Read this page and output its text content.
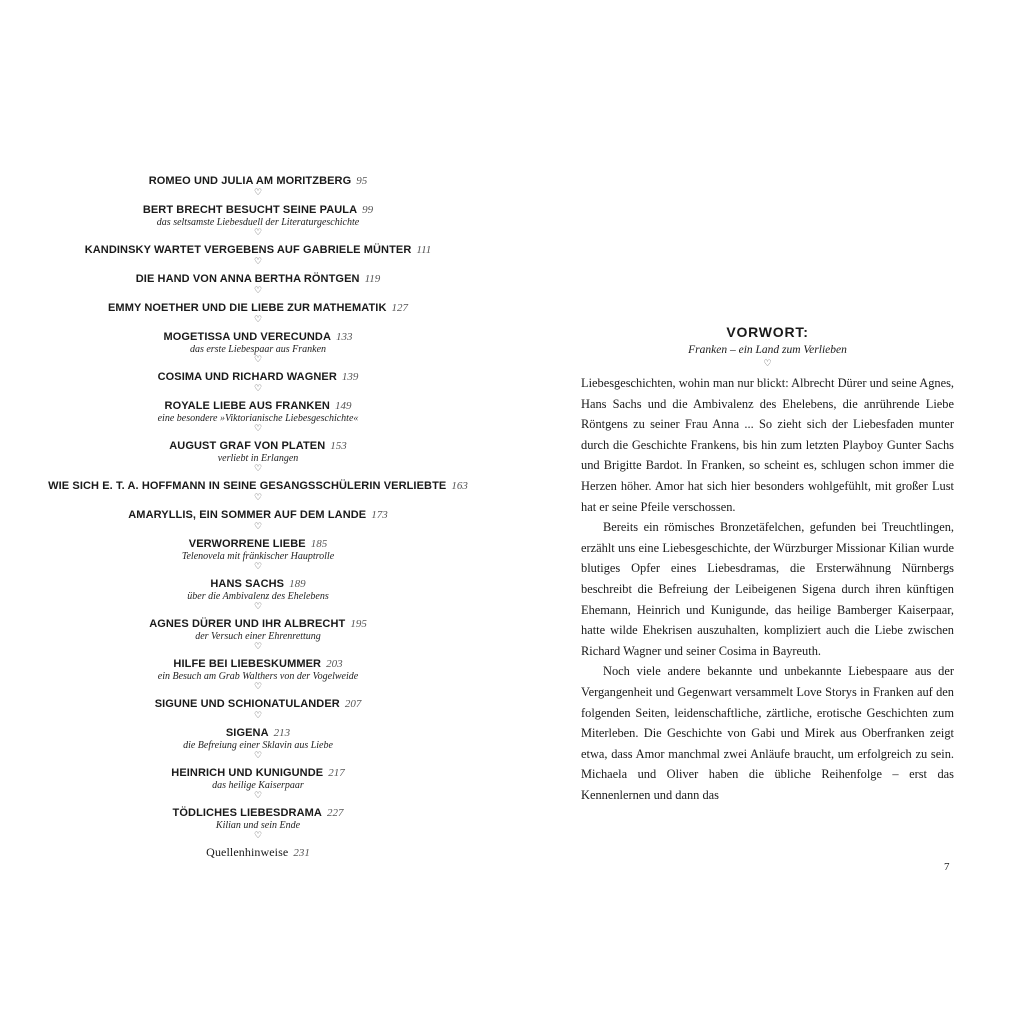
ROMEO UND JULIA AM MORITZBERG 95
♡
BERT BRECHT BESUCHT SEINE PAULA 99
das seltsamste Liebesduell der Literaturgeschichte
♡
KANDINSKY WARTET VERGEBENS AUF GABRIELE MÜNTER 111
♡
DIE HAND VON ANNA BERTHA RÖNTGEN 119
♡
EMMY NOETHER UND DIE LIEBE ZUR MATHEMATIK 127
♡
MOGETISSA UND VERECUNDA 133
das erste Liebespaar aus Franken
♡
COSIMA UND RICHARD WAGNER 139
♡
ROYALE LIEBE AUS FRANKEN 149
eine besondere »Viktorianische Liebesgeschichte«
♡
AUGUST GRAF VON PLATEN 153
verliebt in Erlangen
♡
WIE SICH E. T. A. HOFFMANN IN SEINE GESANGSSCHÜLERIN VERLIEBTE 163
♡
AMARYLLIS, EIN SOMMER AUF DEM LANDE 173
♡
VERWORRENE LIEBE 185
Telenovela mit fränkischer Hauptrolle
♡
HANS SACHS 189
über die Ambivalenz des Ehelebens
♡
AGNES DÜRER UND IHR ALBRECHT 195
der Versuch einer Ehrenrettung
♡
HILFE BEI LIEBESKUMMER 203
ein Besuch am Grab Walthers von der Vogelweide
♡
SIGUNE UND SCHIONATULANDER 207
♡
SIGENA 213
die Befreiung einer Sklavin aus Liebe
♡
HEINRICH UND KUNIGUNDE 217
das heilige Kaiserpaar
♡
TÖDLICHES LIEBESDRAMA 227
Kilian und sein Ende
♡
Quellenhinweise 231
VORWORT:
Franken – ein Land zum Verlieben
♡

Liebesgeschichten, wohin man nur blickt: Albrecht Dürer und seine Agnes, Hans Sachs und die Ambivalenz des Ehelebens, die anrührende Liebe Röntgens zu seiner Frau Anna ... So zieht sich der Liebesfaden munter durch die Geschichte Frankens, bis hin zum letzten Playboy Gunter Sachs und Brigitte Bardot. In Franken, so scheint es, schlugen schon immer die Herzen höher. Amor hat sich hier besonders wohlgefühlt, mit großer Lust hat er seine Pfeile verschossen.

Bereits ein römisches Bronzetäfelchen, gefunden bei Treuchtlingen, erzählt uns eine Liebesgeschichte, der Würzburger Missionar Kilian wurde blutiges Opfer eines Liebesdramas, die Ersterwähnung Nürnbergs beschreibt die Befreiung der Leibeigenen Sigena durch ihren künftigen Ehemann, Heinrich und Kunigunde, das heilige Bamberger Kaiserpaar, hatte wilde Ehekrisen auszuhalten, kompliziert auch die Liebe zwischen Richard Wagner und seiner Cosima in Bayreuth.

Noch viele andere bekannte und unbekannte Liebespaare aus der Vergangenheit und Gegenwart versammelt Love Storys in Franken auf den folgenden Seiten, leidenschaftliche, zärtliche, erotische Geschichten zum Miterleben. Die Geschichte von Gabi und Mirek aus Oberfranken zeigt etwa, dass Amor manchmal zwei Anläufe braucht, um erfolgreich zu sein. Michaela und Oliver haben die übliche Reihenfolge – erst das Kennenlernen und dann das

7
